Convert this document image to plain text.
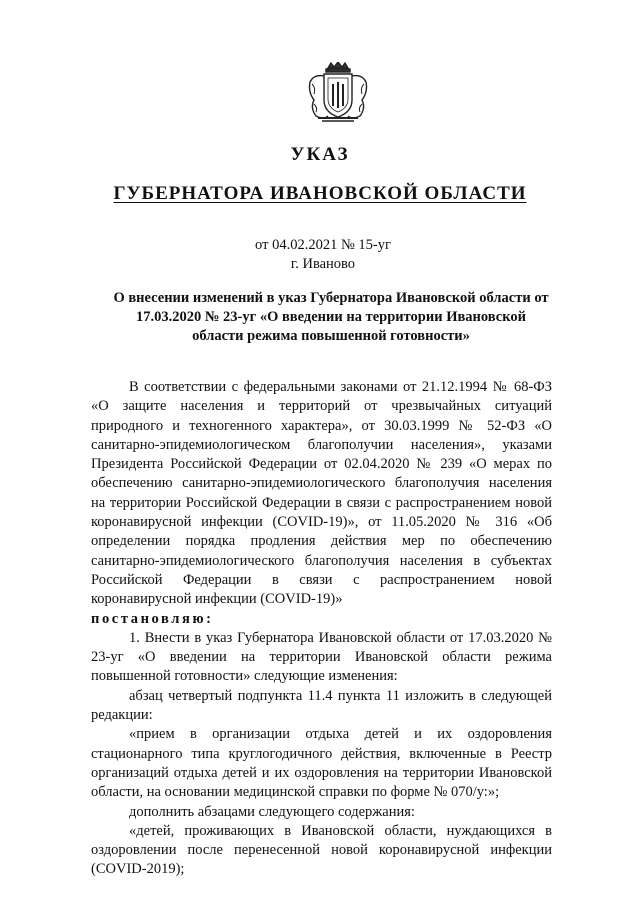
УКАЗ
ГУБЕРНАТОРА ИВАНОВСКОЙ ОБЛАСТИ
от 04.02.2021 № 15-уг
г. Иваново
О внесении изменений в указ Губернатора Ивановской области от 17.03.2020 № 23-уг «О введении на территории Ивановской области режима повышенной готовности»

В соответствии с федеральными законами от 21.12.1994 № 68-ФЗ «О защите населения и территорий от чрезвычайных ситуаций природного и техногенного характера», от 30.03.1999 № 52-ФЗ «О санитарно-эпидемиологическом благополучии населения», указами Президента Российской Федерации от 02.04.2020 № 239 «О мерах по обеспечению санитарно-эпидемиологического благополучия населения на территории Российской Федерации в связи с распространением новой коронавирусной инфекции (COVID-19)», от 11.05.2020 № 316 «Об определении порядка продления действия мер по обеспечению санитарно-эпидемиологического благополучия населения в субъектах Российской Федерации в связи с распространением новой коронавирусной инфекции (COVID-19)»

постановляю:

1. Внести в указ Губернатора Ивановской области от 17.03.2020 № 23-уг «О введении на территории Ивановской области режима повышенной готовности» следующие изменения:

абзац четвертый подпункта 11.4 пункта 11 изложить в следующей редакции:

«прием в организации отдыха детей и их оздоровления стационарного типа круглогодичного действия, включенные в Реестр организаций отдыха детей и их оздоровления на территории Ивановской области, на основании медицинской справки по форме № 070/у:»;

дополнить абзацами следующего содержания:

«детей, проживающих в Ивановской области, нуждающихся в оздоровлении после перенесенной новой коронавирусной инфекции (COVID-2019);
